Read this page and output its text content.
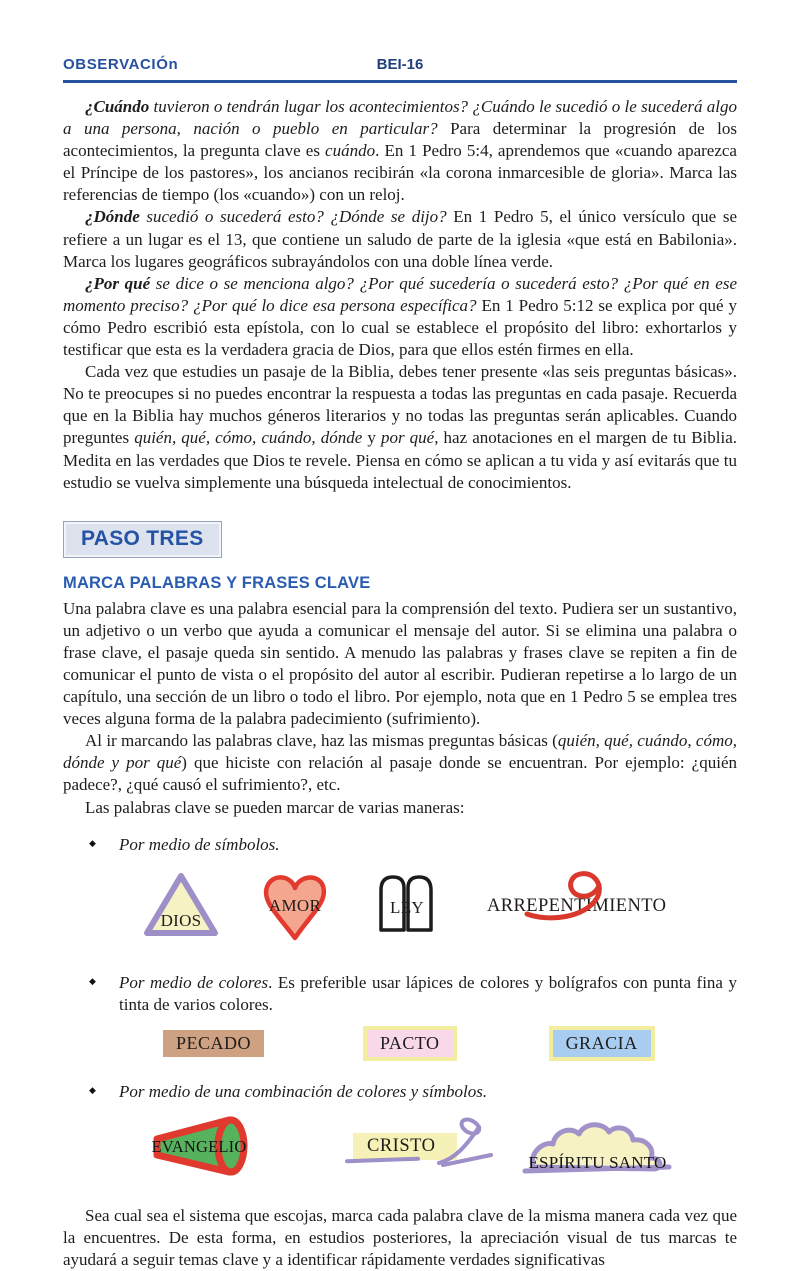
OBSERVACIÓn	BEI-16

¿Cuándo tuvieron o tendrán lugar los acontecimientos? ¿Cuándo le sucedió o le sucederá algo a una persona, nación o pueblo en particular? Para determinar la progresión de los acontecimientos, la pregunta clave es cuándo. En 1 Pedro 5:4, aprendemos que «cuando aparezca el Príncipe de los pastores», los ancianos recibirán «la corona inmarcesible de gloria». Marca las referencias de tiempo (los «cuando») con un reloj.

¿Dónde sucedió o sucederá esto? ¿Dónde se dijo? En 1 Pedro 5, el único versículo que se refiere a un lugar es el 13, que contiene un saludo de parte de la iglesia «que está en Babilonia». Marca los lugares geográficos subrayándolos con una doble línea verde.

¿Por qué se dice o se menciona algo? ¿Por qué sucedería o sucederá esto? ¿Por qué en ese momento preciso? ¿Por qué lo dice esa persona específica? En 1 Pedro 5:12 se explica por qué y cómo Pedro escribió esta epístola, con lo cual se establece el propósito del libro: exhortarlos y testificar que esta es la verdadera gracia de Dios, para que ellos estén firmes en ella.

Cada vez que estudies un pasaje de la Biblia, debes tener presente «las seis preguntas básicas». No te preocupes si no puedes encontrar la respuesta a todas las preguntas en cada pasaje. Recuerda que en la Biblia hay muchos géneros literarios y no todas las preguntas serán aplicables. Cuando preguntes quién, qué, cómo, cuándo, dónde y por qué, haz anotaciones en el margen de tu Biblia. Medita en las verdades que Dios te revele. Piensa en cómo se aplican a tu vida y así evitarás que tu estudio se vuelva simplemente una búsqueda intelectual de conocimientos.

PASO TRES
MARCA PALABRAS Y FRASES CLAVE

Una palabra clave es una palabra esencial para la comprensión del texto. Pudiera ser un sustantivo, un adjetivo o un verbo que ayuda a comunicar el mensaje del autor. Si se elimina una palabra o frase clave, el pasaje queda sin sentido. A menudo las palabras y frases clave se repiten a fin de comunicar el punto de vista o el propósito del autor al escribir. Pudieran repetirse a lo largo de un capítulo, una sección de un libro o todo el libro. Por ejemplo, nota que en 1 Pedro 5 se emplea tres veces alguna forma de la palabra padecimiento (sufrimiento).

Al ir marcando las palabras clave, haz las mismas preguntas básicas (quién, qué, cuándo, cómo, dónde y por qué) que hiciste con relación al pasaje donde se encuentran. Por ejemplo: ¿quién padece?, ¿qué causó el sufrimiento?, etc.

Las palabras clave se pueden marcar de varias maneras:

◆	Por medio de símbolos.
DIOS
AMOR	LEY	ARREPENTIMIENTO
◆	Por medio de colores. Es preferible usar lápices de colores y bolígrafos con punta fina y tinta de varios colores.
PECADO	PACTO	GRACIA
◆	Por medio de una combinación de colores y símbolos.
EVANGELIO	CRISTO
ESPÍRITU SANTO

Sea cual sea el sistema que escojas, marca cada palabra clave de la misma manera cada vez que la encuentres. De esta forma, en estudios posteriores, la apreciación visual de tus marcas te ayudará a seguir temas clave y a identificar rápidamente verdades significativas
